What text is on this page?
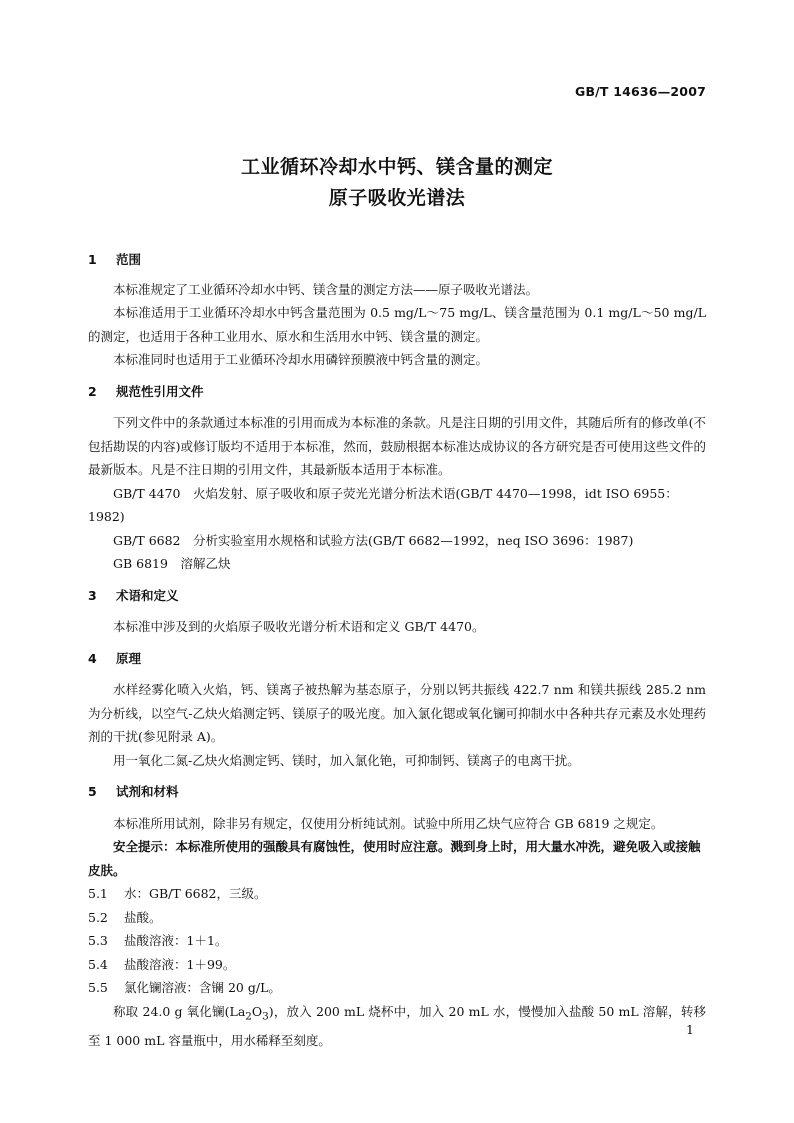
GB/T 14636—2007
工业循环冷却水中钙、镁含量的测定
原子吸收光谱法

1 范围

本标准规定了工业循环冷却水中钙、镁含量的测定方法——原子吸收光谱法。

本标准适用于工业循环冷却水中钙含量范围为 0.5 mg/L～75 mg/L、镁含量范围为 0.1 mg/L～50 mg/L 的测定，也适用于各种工业用水、原水和生活用水中钙、镁含量的测定。

本标准同时也适用于工业循环冷却水用磷锌预膜液中钙含量的测定。

2 规范性引用文件

下列文件中的条款通过本标准的引用而成为本标准的条款。凡是注日期的引用文件，其随后所有的修改单(不包括勘误的内容)或修订版均不适用于本标准，然而，鼓励根据本标准达成协议的各方研究是否可使用这些文件的最新版本。凡是不注日期的引用文件，其最新版本适用于本标准。

GB/T 4470　火焰发射、原子吸收和原子荧光光谱分析法术语(GB/T 4470—1998，idt ISO 6955：1982)

GB/T 6682　分析实验室用水规格和试验方法(GB/T 6682—1992，neq ISO 3696：1987)

GB 6819　溶解乙炔

3 术语和定义

本标准中涉及到的火焰原子吸收光谱分析术语和定义 GB/T 4470。

4 原理

水样经雾化喷入火焰，钙、镁离子被热解为基态原子，分别以钙共振线 422.7 nm 和镁共振线 285.2 nm为分析线，以空气-乙炔火焰测定钙、镁原子的吸光度。加入氯化锶或氧化镧可抑制水中各种共存元素及水处理药剂的干扰(参见附录 A)。

用一氧化二氮-乙炔火焰测定钙、镁时，加入氯化铯，可抑制钙、镁离子的电离干扰。

5 试剂和材料

本标准所用试剂，除非另有规定，仅使用分析纯试剂。试验中所用乙炔气应符合 GB 6819 之规定。

安全提示：本标准所使用的强酸具有腐蚀性，使用时应注意。溅到身上时，用大量水冲洗，避免吸入或接触皮肤。

5.1 水：GB/T 6682，三级。

5.2 盐酸。

5.3 盐酸溶液：1＋1。

5.4 盐酸溶液：1＋99。

5.5 氯化镧溶液：含镧 20 g/L。

称取 24.0 g 氧化镧$(La_2O_3)$，放入 200 mL 烧杯中，加入 20 mL 水，慢慢加入盐酸 50 mL 溶解，转移至 1 000 mL 容量瓶中，用水稀释至刻度。

1
